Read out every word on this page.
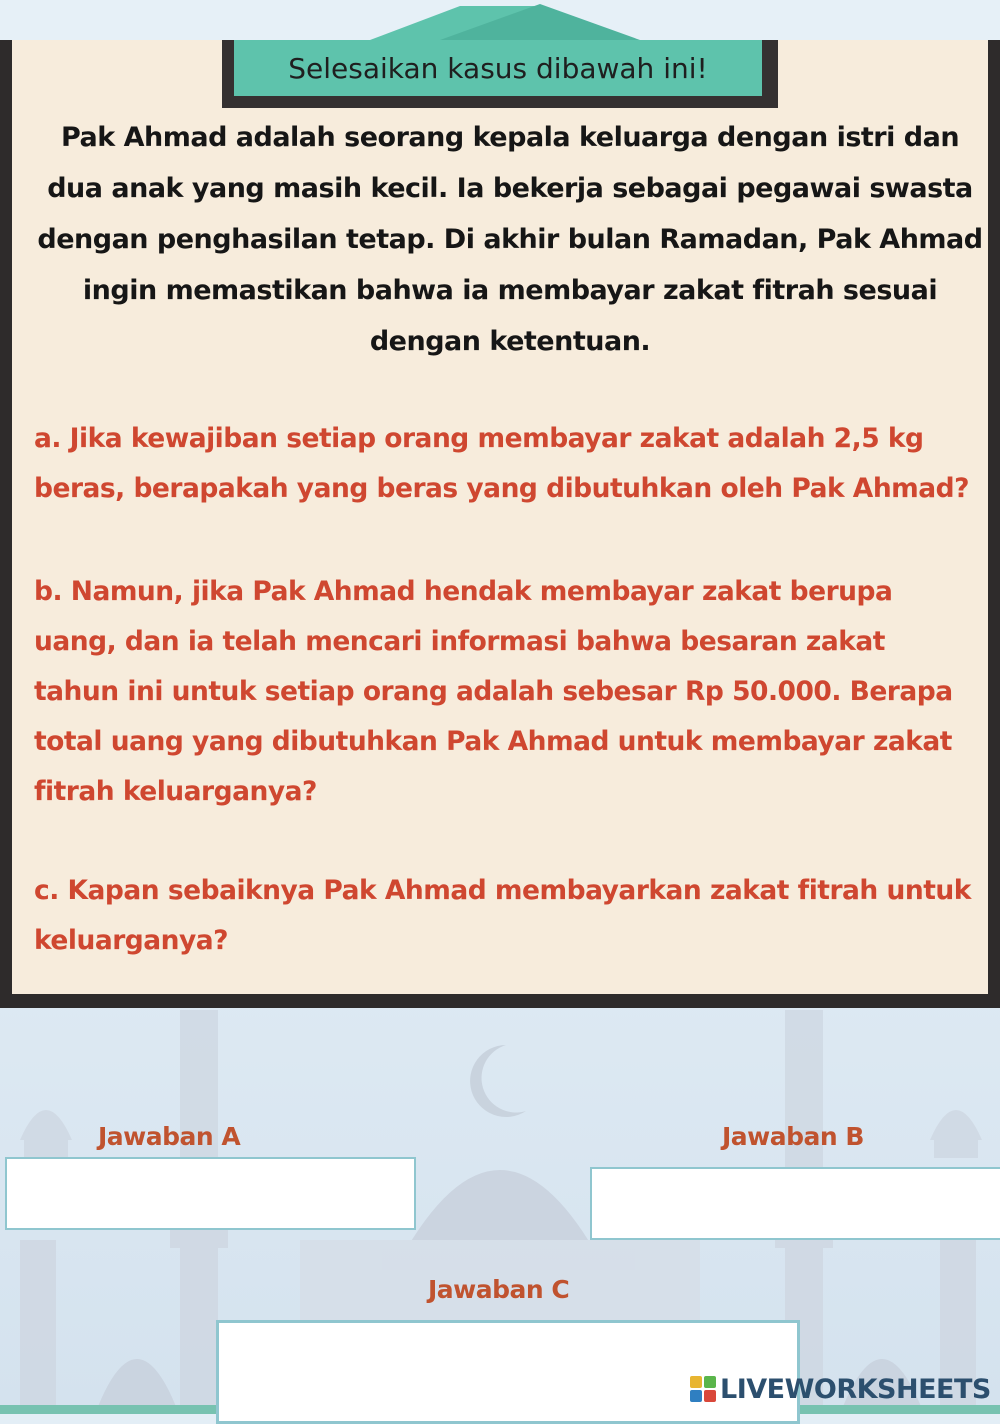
Selesaikan kasus dibawah ini!
Pak Ahmad adalah seorang kepala keluarga dengan istri dan dua anak yang masih kecil. Ia bekerja sebagai pegawai swasta dengan penghasilan tetap. Di akhir bulan Ramadan, Pak Ahmad ingin memastikan bahwa ia membayar zakat fitrah sesuai dengan ketentuan.
a. Jika kewajiban setiap orang membayar zakat adalah 2,5 kg beras, berapakah yang beras yang dibutuhkan oleh Pak Ahmad?
b. Namun, jika Pak Ahmad hendak membayar zakat berupa uang, dan ia telah mencari informasi bahwa besaran zakat tahun ini untuk setiap orang adalah sebesar Rp 50.000. Berapa total uang yang dibutuhkan Pak Ahmad untuk membayar zakat fitrah keluarganya?
c. Kapan sebaiknya Pak Ahmad membayarkan zakat fitrah untuk keluarganya?
Jawaban A	Jawaban B
Jawaban C
LIVEWORKSHEETS
